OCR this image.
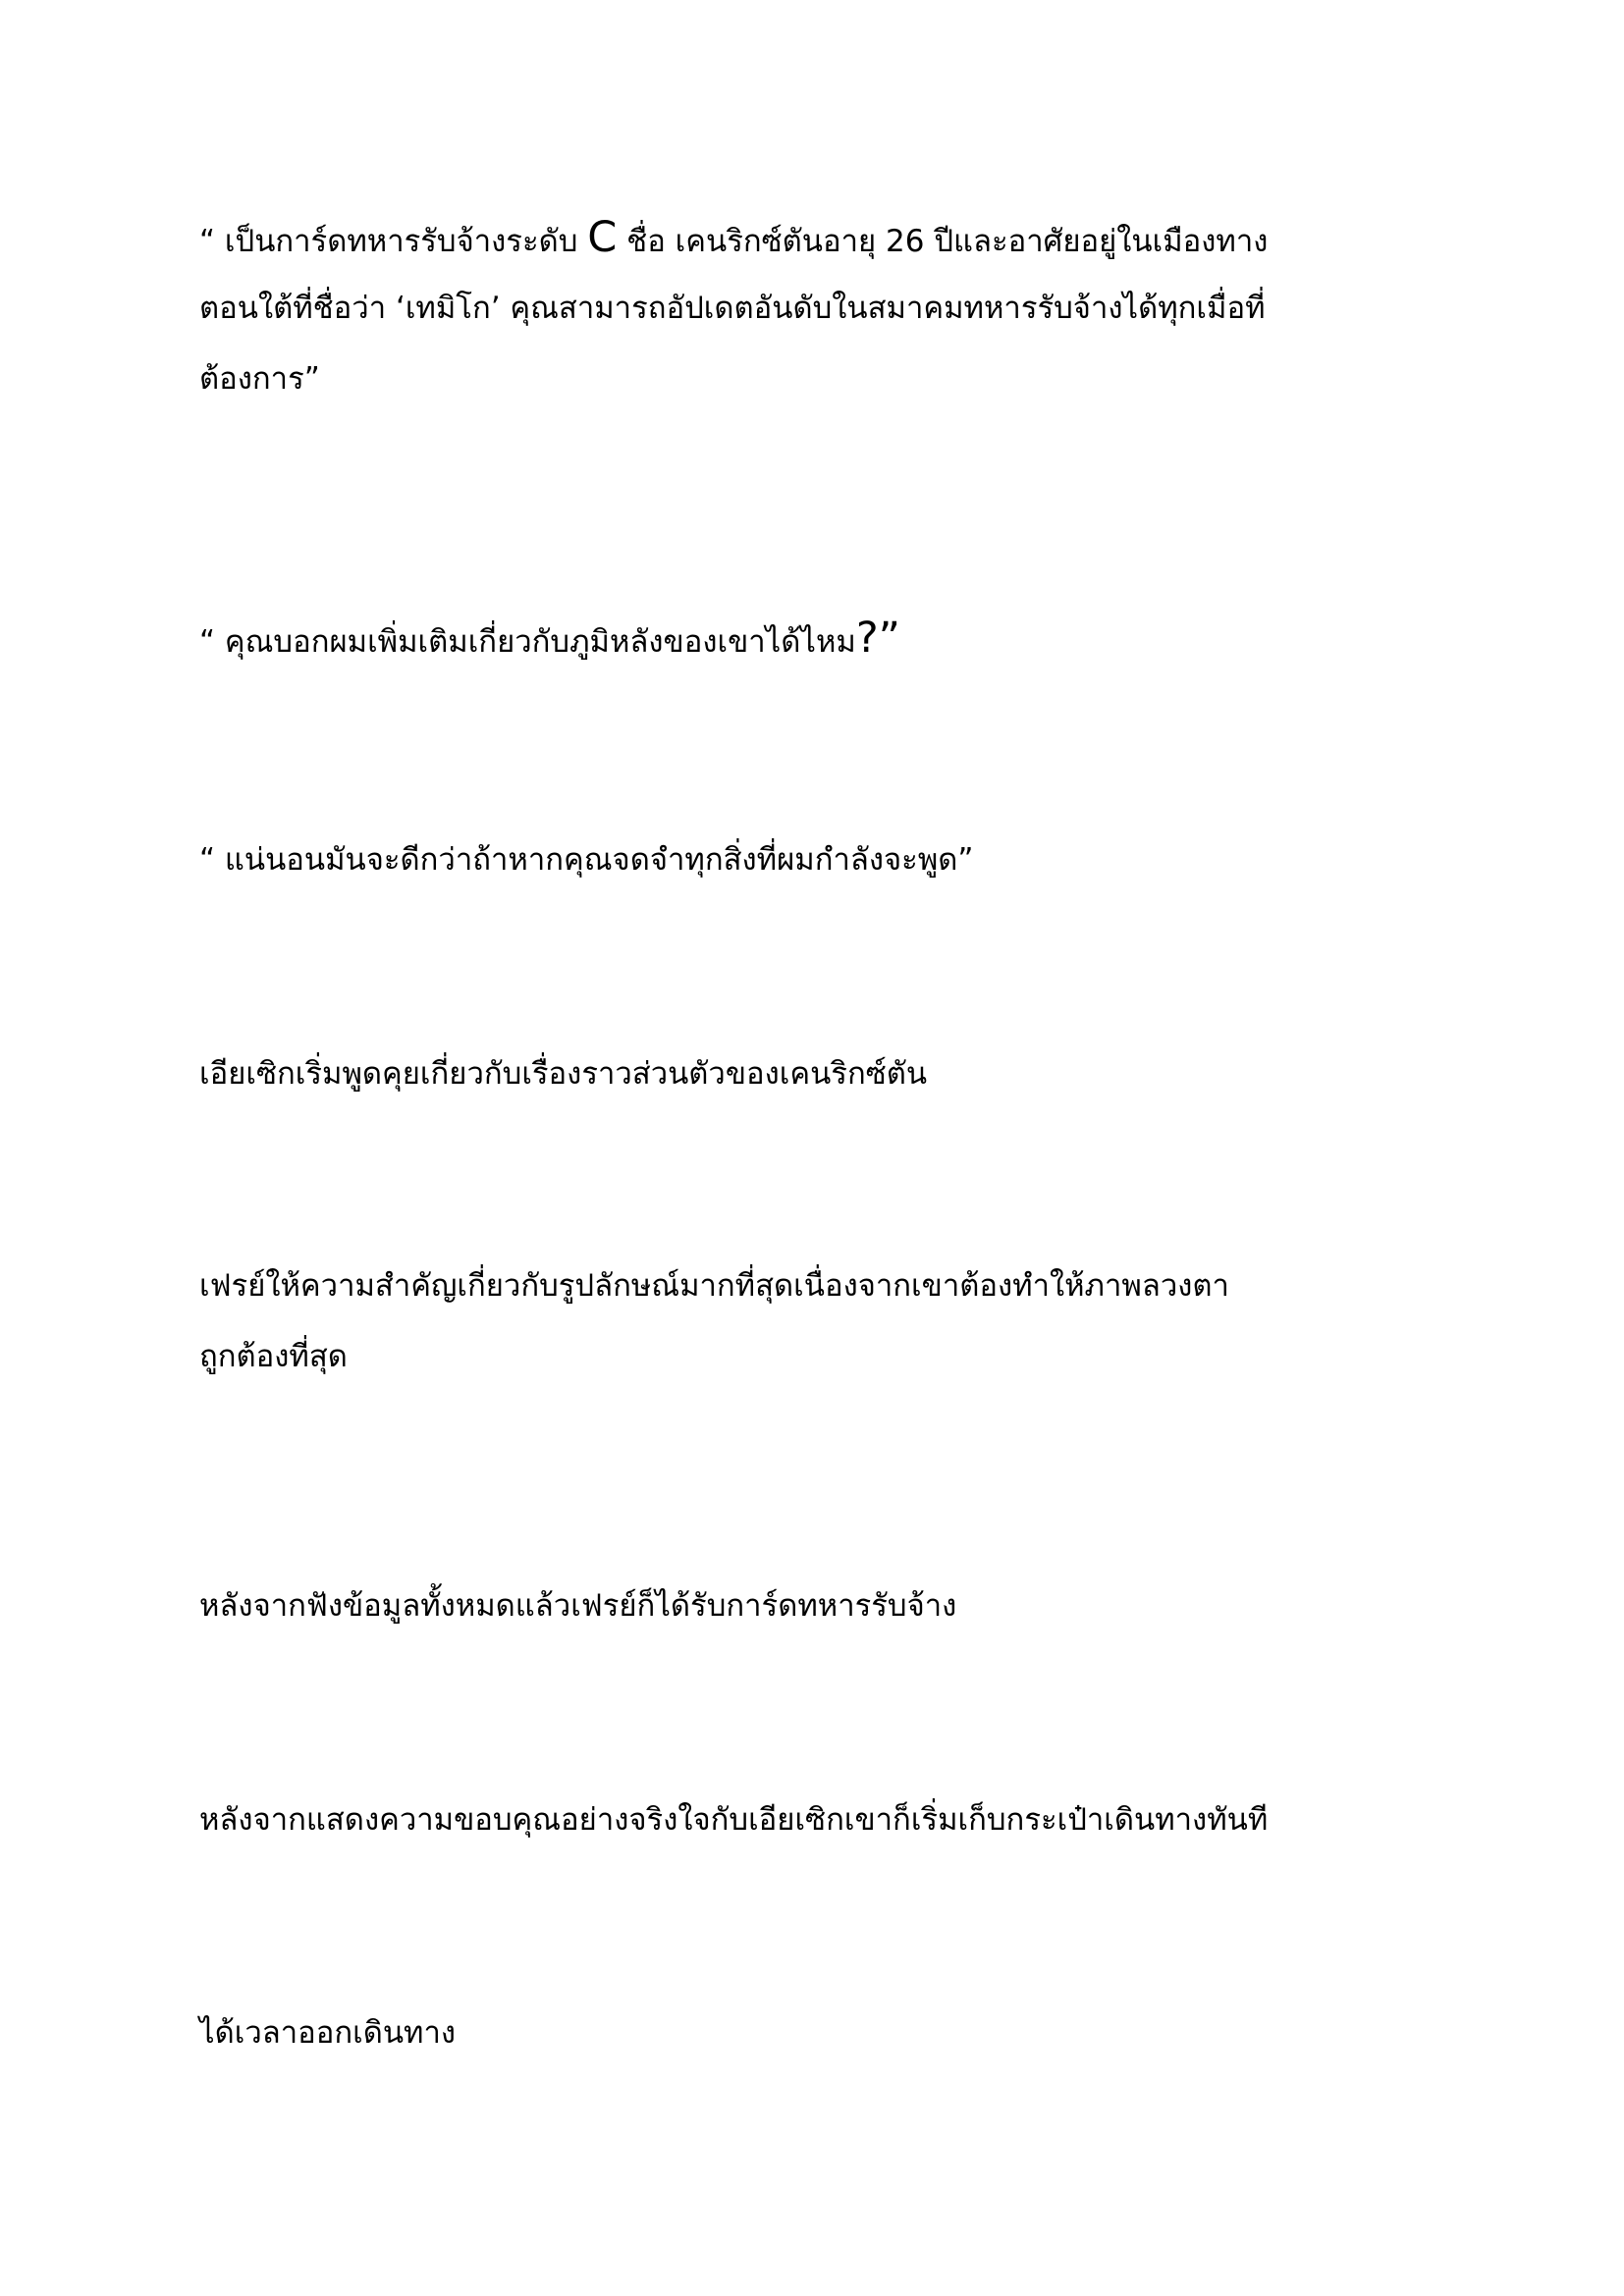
“ เป็นการ์ดทหารรับจ้างระดับ C ชื่อ เคนริกซ์ตันอายุ 26 ปีและอาศัยอยู่ในเมืองทาง
ตอนใต้ที่ชื่อว่า ‘เทมิโก’ คุณสามารถอัปเดตอันดับในสมาคมทหารรับจ้างได้ทุกเมื่อที่
ต้องการ”
“ คุณบอกผมเพิ่มเติมเกี่ยวกับภูมิหลังของเขาได้ไหม?”
“ แน่นอนมันจะดีกว่าถ้าหากคุณจดจำทุกสิ่งที่ผมกำลังจะพูด”
เอียเซิกเริ่มพูดคุยเกี่ยวกับเรื่องราวส่วนตัวของเคนริกซ์ตัน
เฟรย์ให้ความสำคัญเกี่ยวกับรูปลักษณ์มากที่สุดเนื่องจากเขาต้องทำให้ภาพลวงตา
ถูกต้องที่สุด
หลังจากฟังข้อมูลทั้งหมดแล้วเฟรย์ก็ได้รับการ์ดทหารรับจ้าง
หลังจากแสดงความขอบคุณอย่างจริงใจกับเอียเซิกเขาก็เริ่มเก็บกระเป๋าเดินทางทันที
ได้เวลาออกเดินทาง
